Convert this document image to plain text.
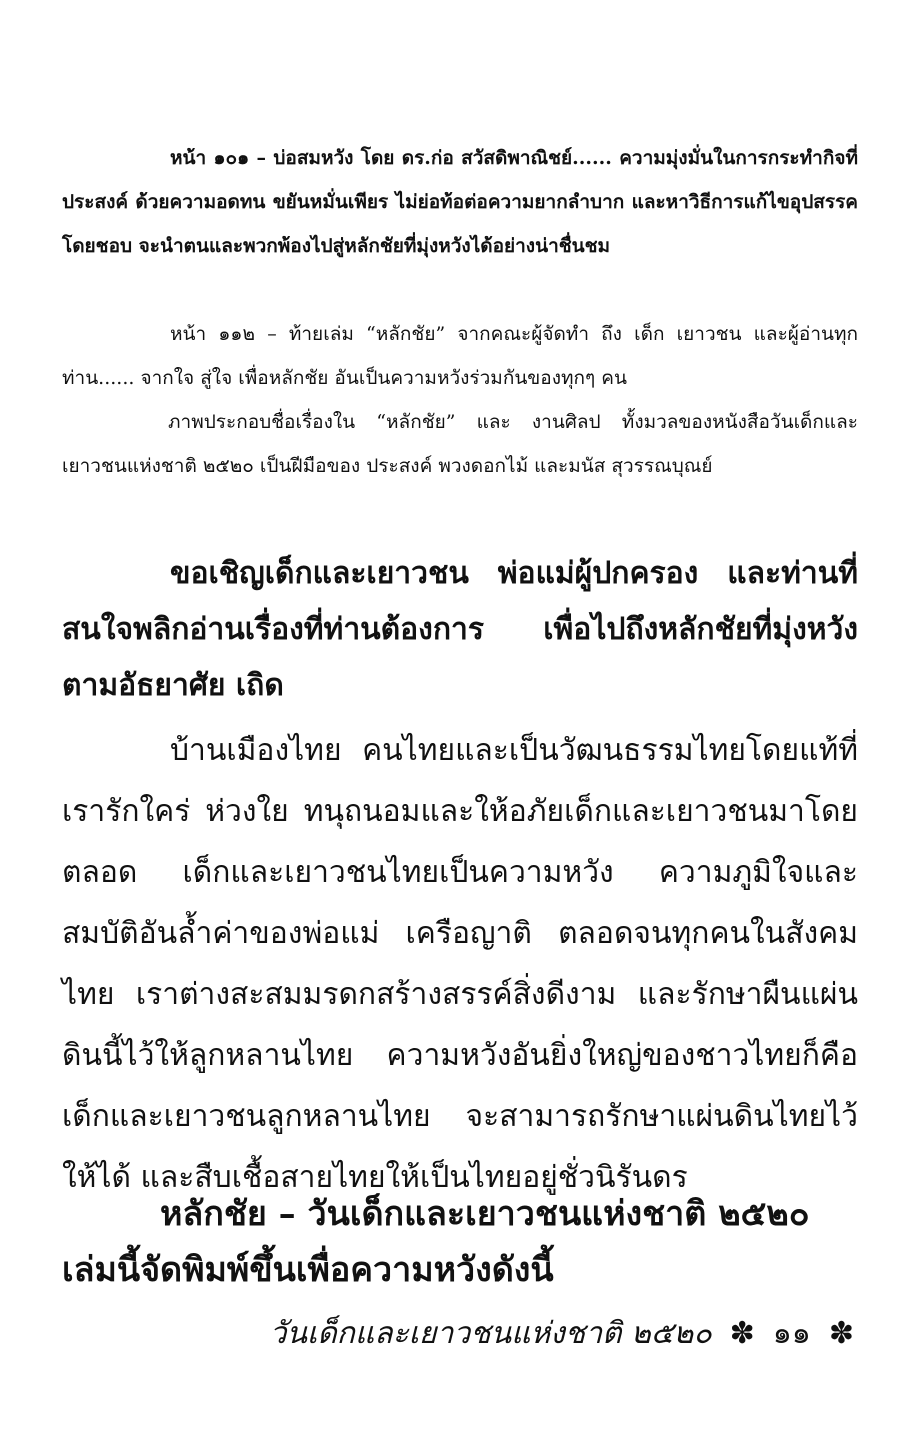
หน้า ๑๐๑ – บ่อสมหวัง โดย ดร.ก่อ สวัสดิพาณิชย์...... ความมุ่งมั่นในการกระทำกิจที่ประสงค์ ด้วยความอดทน ขยันหมั่นเพียร ไม่ย่อท้อต่อความยากลำบาก และหาวิธีการแก้ไขอุปสรรคโดยชอบ จะนำตนและพวกพ้องไปสู่หลักชัยที่มุ่งหวังได้อย่างน่าชื่นชม

หน้า ๑๑๒ – ท้ายเล่ม “หลักชัย” จากคณะผู้จัดทำ ถึง เด็ก เยาวชน และผู้อ่านทุกท่าน...... จากใจ สู่ใจ เพื่อหลักชัย อันเป็นความหวังร่วมกันของทุกๆ คน

ภาพประกอบชื่อเรื่องใน “หลักชัย” และ งานศิลป ทั้งมวลของหนังสือวันเด็กและเยาวชนแห่งชาติ ๒๕๒๐ เป็นฝีมือของ ประสงค์ พวงดอกไม้ และมนัส สุวรรณบุณย์

ขอเชิญเด็กและเยาวชน พ่อแม่ผู้ปกครอง และท่านที่สนใจพลิกอ่านเรื่องที่ท่านต้องการ เพื่อไปถึงหลักชัยที่มุ่งหวังตามอัธยาศัย เถิด

บ้านเมืองไทย คนไทยและเป็นวัฒนธรรมไทยโดยแท้ที่เรารักใคร่ ห่วงใย ทนุถนอมและให้อภัยเด็กและเยาวชนมาโดยตลอด เด็กและเยาวชนไทยเป็นความหวัง ความภูมิใจและสมบัติอันล้ำค่าของพ่อแม่ เครือญาติ ตลอดจนทุกคนในสังคมไทย เราต่างสะสมมรดกสร้างสรรค์สิ่งดีงาม และรักษาผืนแผ่นดินนี้ไว้ให้ลูกหลานไทย ความหวังอันยิ่งใหญ่ของชาวไทยก็คือ เด็กและเยาวชนลูกหลานไทย จะสามารถรักษาแผ่นดินไทยไว้ให้ได้ และสืบเชื้อสายไทยให้เป็นไทยอยู่ชั่วนิรันดร

หลักชัย – วันเด็กและเยาวชนแห่งชาติ ๒๕๒๐
เล่มนี้จัดพิมพ์ขึ้นเพื่อความหวังดังนี้
วันเด็กและเยาวชนแห่งชาติ ๒๕๒๐ ✽ ๑๑ ✽
